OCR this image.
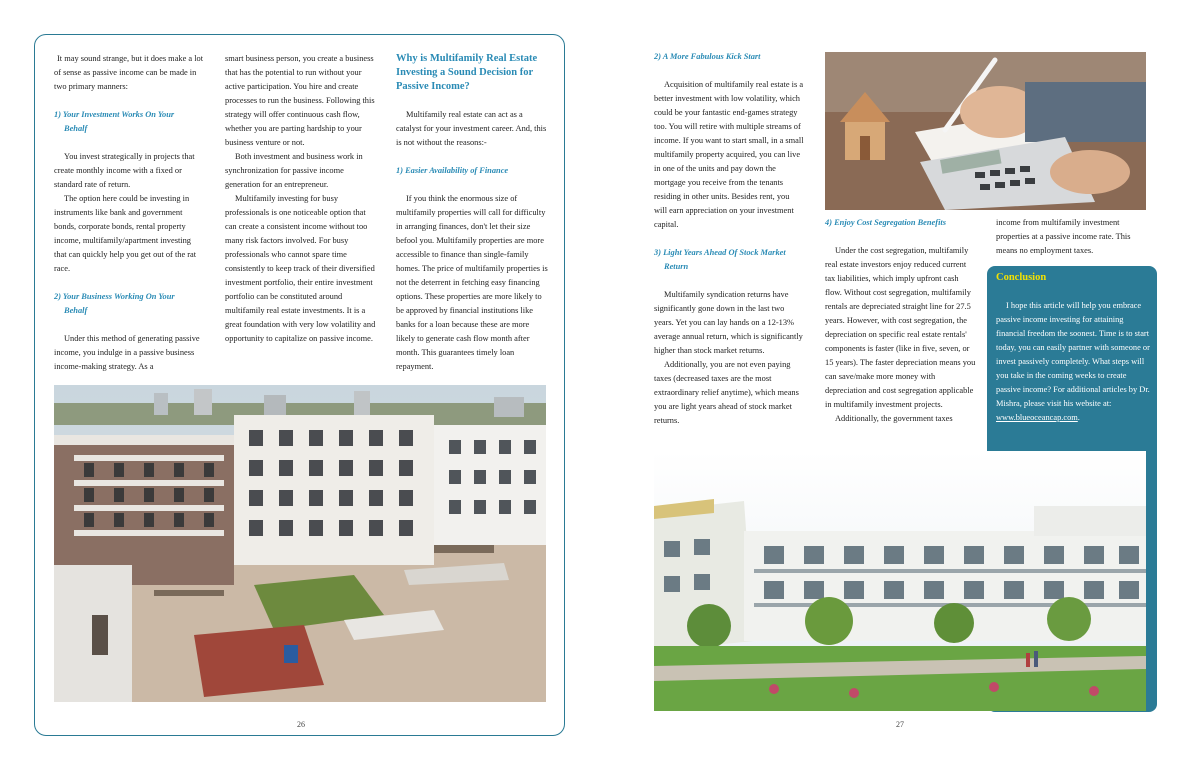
It may sound strange, but it does make a lot of sense as passive income can be made in two primary manners:

1) Your Investment Works On Your
Behalf

You invest strategically in projects that create monthly income with a fixed or standard rate of return.

The option here could be investing in instruments like bank and government bonds, corporate bonds, rental property income, multifamily/apartment investing that can quickly help you get out of the rat race.

2) Your Business Working On Your
Behalf

Under this method of generating passive income, you indulge in a passive business income-making strategy. As a

smart business person, you create a business that has the potential to run without your active participation. You hire and create processes to run the business. Following this strategy will offer continuous cash flow, whether you are parting hardship to your business venture or not.

Both investment and business work in synchronization for passive income generation for an entrepreneur.

Multifamily investing for busy professionals is one noticeable option that can create a consistent income without too many risk factors involved. For busy professionals who cannot spare time consistently to keep track of their diversified investment portfolio, their entire investment portfolio can be constituted around multifamily real estate investments. It is a great foundation with very low volatility and opportunity to capitalize on passive income.

Why is Multifamily Real Estate Investing a Sound Decision for Passive Income?

Multifamily real estate can act as a catalyst for your investment career. And, this is not without the reasons:-

1) Easier Availability of Finance

If you think the enormous size of multifamily properties will call for difficulty in arranging finances, don't let their size befool you. Multifamily properties are more accessible to finance than single-family homes. The price of multifamily properties is not the deterrent in fetching easy financing options. These properties are more likely to be approved by financial institutions like banks for a loan because these are more likely to generate cash flow month after month. This guarantees timely loan repayment.

26
2) A More Fabulous Kick Start

Acquisition of multifamily real estate is a better investment with low volatility, which could be your fantastic end-games strategy too. You will retire with multiple streams of income. If you want to start small, in a small multifamily property acquired, you can live in one of the units and pay down the mortgage you receive from the tenants residing in other units. Besides rent, you will earn appreciation on your investment capital.

3) Light Years Ahead Of Stock Market
Return

Multifamily syndication returns have significantly gone down in the last two years. Yet you can lay hands on a 12-13% average annual return, which is significantly higher than stock market returns.

Additionally, you are not even paying taxes (decreased taxes are the most extraordinary relief anytime), which means you are light years ahead of stock market returns.

4) Enjoy Cost Segregation Benefits

Under the cost segregation, multifamily real estate investors enjoy reduced current tax liabilities, which imply upfront cash flow. Without cost segregation, multifamily rentals are depreciated straight line for 27.5 years. However, with cost segregation, the depreciation on specific real estate rentals' components is faster (like in five, seven, or 15 years). The faster depreciation means you can save/make more money with depreciation and cost segregation applicable in multifamily investment projects.

Additionally, the government taxes

income from multifamily investment properties at a passive income rate. This means no employment taxes.

Conclusion
I hope this article will help you embrace passive income investing for attaining financial freedom the soonest. Time is to start today, you can easily partner with someone or invest passively completely. What steps will you take in the coming weeks to create passive income? For additional articles by Dr. Mishra, please visit his website at:
www.blueoceancap.com.
27
